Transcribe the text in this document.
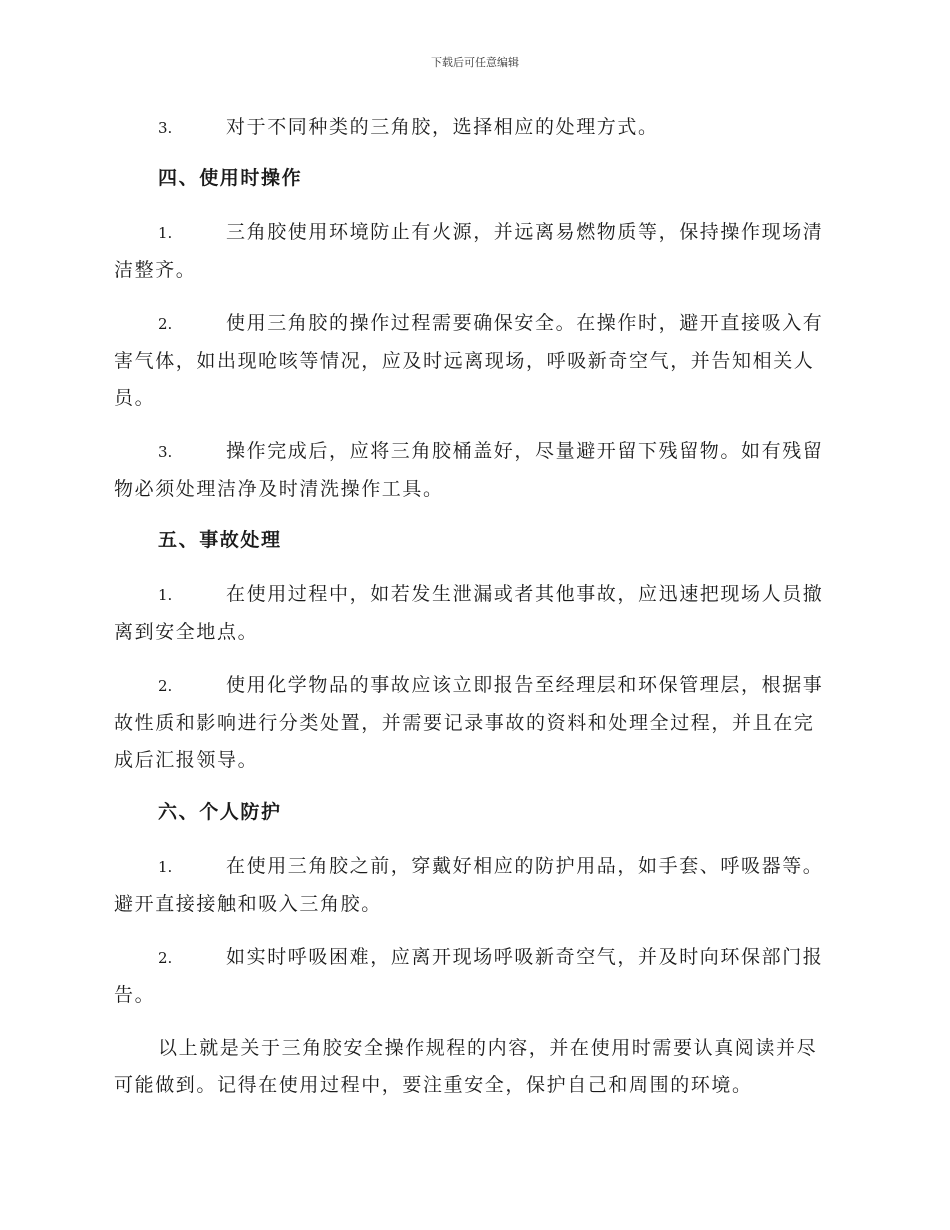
下载后可任意编辑
3.	对于不同种类的三角胶，选择相应的处理方式。
四、使用时操作
1.	三角胶使用环境防止有火源，并远离易燃物质等，保持操作现场清洁整齐。
2.	使用三角胶的操作过程需要确保安全。在操作时，避开直接吸入有害气体，如出现呛咳等情况，应及时远离现场，呼吸新奇空气，并告知相关人员。
3.	操作完成后，应将三角胶桶盖好，尽量避开留下残留物。如有残留物必须处理洁净及时清洗操作工具。
五、事故处理
1.	在使用过程中，如若发生泄漏或者其他事故，应迅速把现场人员撤离到安全地点。
2.	使用化学物品的事故应该立即报告至经理层和环保管理层，根据事故性质和影响进行分类处置，并需要记录事故的资料和处理全过程，并且在完成后汇报领导。
六、个人防护
1.	在使用三角胶之前，穿戴好相应的防护用品，如手套、呼吸器等。避开直接接触和吸入三角胶。
2.	如实时呼吸困难，应离开现场呼吸新奇空气，并及时向环保部门报告。
以上就是关于三角胶安全操作规程的内容，并在使用时需要认真阅读并尽可能做到。记得在使用过程中，要注重安全，保护自己和周围的环境。
